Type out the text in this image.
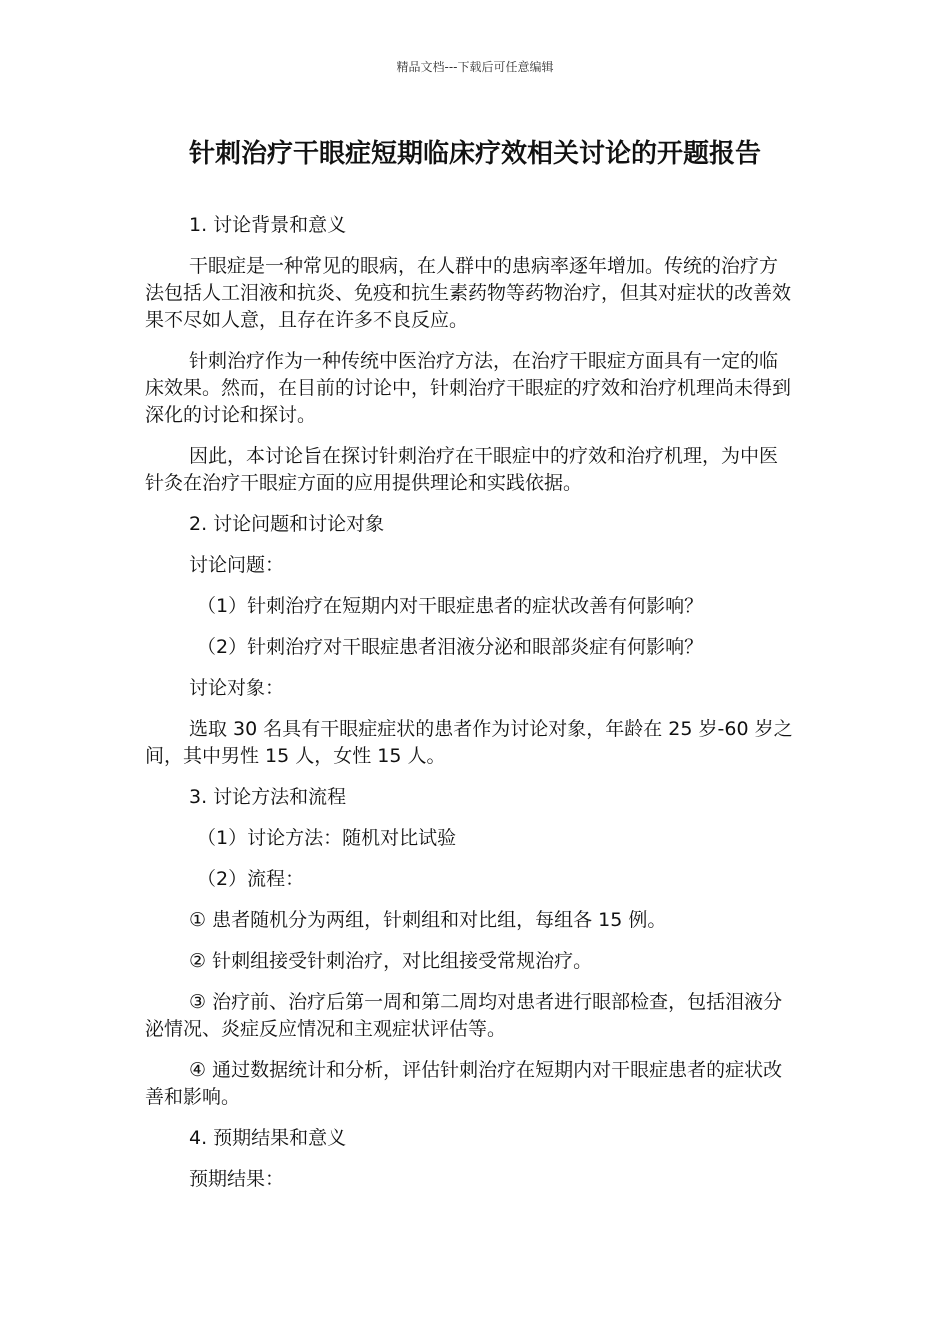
精品文档---下载后可任意编辑
针刺治疗干眼症短期临床疗效相关讨论的开题报告

1. 讨论背景和意义

干眼症是一种常见的眼病，在人群中的患病率逐年增加。传统的治疗方法包括人工泪液和抗炎、免疫和抗生素药物等药物治疗，但其对症状的改善效果不尽如人意，且存在许多不良反应。

针刺治疗作为一种传统中医治疗方法，在治疗干眼症方面具有一定的临床效果。然而，在目前的讨论中，针刺治疗干眼症的疗效和治疗机理尚未得到深化的讨论和探讨。

因此，本讨论旨在探讨针刺治疗在干眼症中的疗效和治疗机理，为中医针灸在治疗干眼症方面的应用提供理论和实践依据。

2. 讨论问题和讨论对象

讨论问题：

（1）针刺治疗在短期内对干眼症患者的症状改善有何影响？

（2）针刺治疗对干眼症患者泪液分泌和眼部炎症有何影响？

讨论对象：

选取 30 名具有干眼症症状的患者作为讨论对象，年龄在 25 岁-60 岁之间，其中男性 15 人，女性 15 人。

3. 讨论方法和流程

（1）讨论方法：随机对比试验

（2）流程：

① 患者随机分为两组，针刺组和对比组，每组各 15 例。

② 针刺组接受针刺治疗，对比组接受常规治疗。

③ 治疗前、治疗后第一周和第二周均对患者进行眼部检查，包括泪液分泌情况、炎症反应情况和主观症状评估等。

④ 通过数据统计和分析，评估针刺治疗在短期内对干眼症患者的症状改善和影响。

4. 预期结果和意义

预期结果：
